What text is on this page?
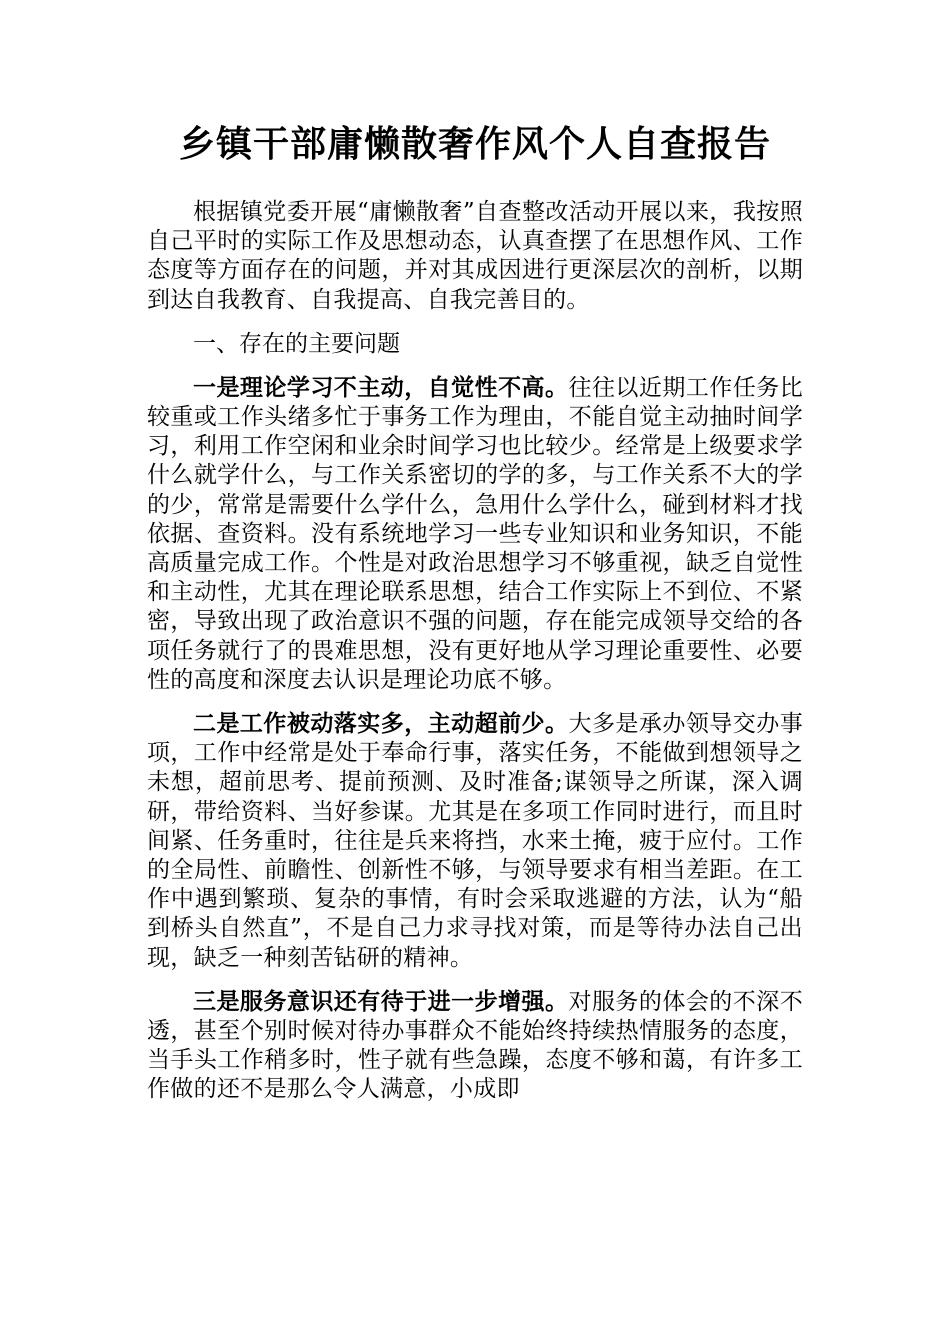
乡镇干部庸懒散奢作风个人自查报告

根据镇党委开展“庸懒散奢”自查整改活动开展以来，我按照自己平时的实际工作及思想动态，认真查摆了在思想作风、工作态度等方面存在的问题，并对其成因进行更深层次的剖析，以期到达自我教育、自我提高、自我完善目的。

一、存在的主要问题

一是理论学习不主动，自觉性不高。往往以近期工作任务比较重或工作头绪多忙于事务工作为理由，不能自觉主动抽时间学习，利用工作空闲和业余时间学习也比较少。经常是上级要求学什么就学什么，与工作关系密切的学的多，与工作关系不大的学的少，常常是需要什么学什么，急用什么学什么，碰到材料才找依据、查资料。没有系统地学习一些专业知识和业务知识，不能高质量完成工作。个性是对政治思想学习不够重视，缺乏自觉性和主动性，尤其在理论联系思想，结合工作实际上不到位、不紧密，导致出现了政治意识不强的问题，存在能完成领导交给的各项任务就行了的畏难思想，没有更好地从学习理论重要性、必要性的高度和深度去认识是理论功底不够。

二是工作被动落实多，主动超前少。大多是承办领导交办事项，工作中经常是处于奉命行事，落实任务，不能做到想领导之未想，超前思考、提前预测、及时准备;谋领导之所谋，深入调研，带给资料、当好参谋。尤其是在多项工作同时进行，而且时间紧、任务重时，往往是兵来将挡，水来土掩，疲于应付。工作的全局性、前瞻性、创新性不够，与领导要求有相当差距。在工作中遇到繁琐、复杂的事情，有时会采取逃避的方法，认为“船到桥头自然直”，不是自己力求寻找对策，而是等待办法自己出现，缺乏一种刻苦钻研的精神。

三是服务意识还有待于进一步增强。对服务的体会的不深不透，甚至个别时候对待办事群众不能始终持续热情服务的态度，当手头工作稍多时，性子就有些急躁，态度不够和蔼，有许多工作做的还不是那么令人满意，小成即
